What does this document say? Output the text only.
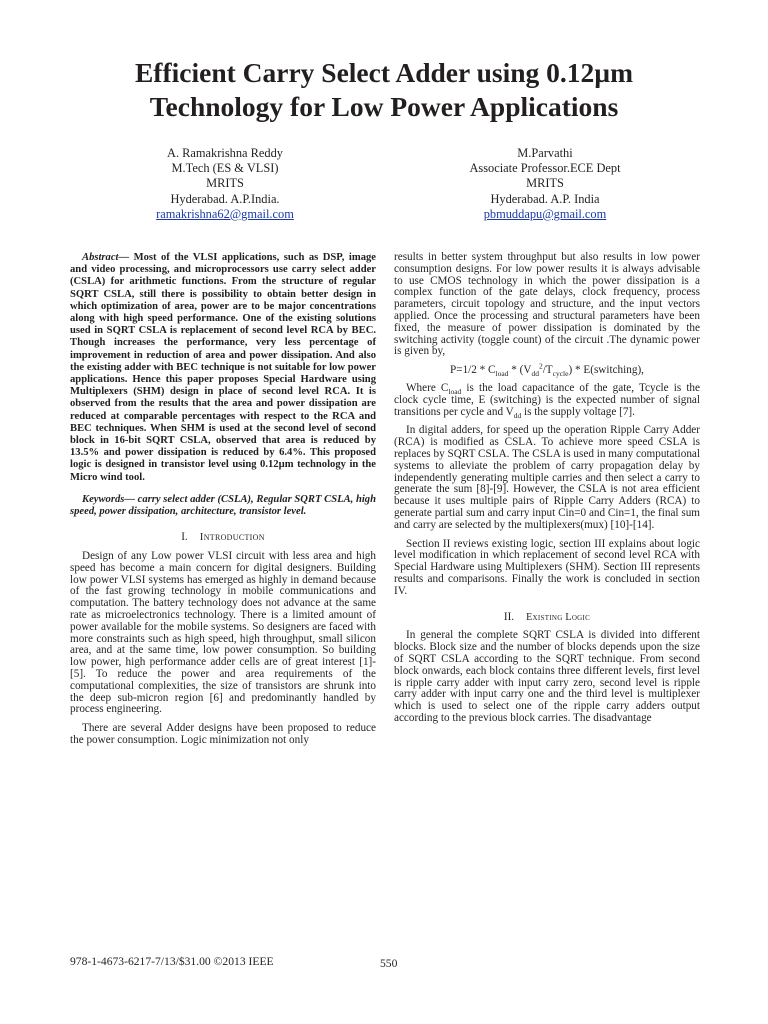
Efficient Carry Select Adder using 0.12µm
Technology for Low Power Applications
A. Ramakrishna Reddy
M.Tech (ES & VLSI)
MRITS
Hyderabad. A.P.India.
ramakrishna62@gmail.com
M.Parvathi
Associate Professor.ECE Dept
MRITS
Hyderabad. A.P. India
pbmuddapu@gmail.com

Abstract— Most of the VLSI applications, such as DSP, image and video processing, and microprocessors use carry select adder (CSLA) for arithmetic functions. From the structure of regular SQRT CSLA, still there is possibility to obtain better design in which optimization of area, power are to be major concentrations along with high speed performance. One of the existing solutions used in SQRT CSLA is replacement of second level RCA by BEC. Though increases the performance, very less percentage of improvement in reduction of area and power dissipation. And also the existing adder with BEC technique is not suitable for low power applications. Hence this paper proposes Special Hardware using Multiplexers (SHM) design in place of second level RCA. It is observed from the results that the area and power dissipation are reduced at comparable percentages with respect to the RCA and BEC techniques. When SHM is used at the second level of second block in 16-bit SQRT CSLA, observed that area is reduced by 13.5% and power dissipation is reduced by 6.4%. This proposed logic is designed in transistor level using 0.12µm technology in the Micro wind tool.

Keywords— carry select adder (CSLA), Regular SQRT CSLA, high speed, power dissipation, architecture, transistor level.

I. Introduction

Design of any Low power VLSI circuit with less area and high speed has become a main concern for digital designers. Building low power VLSI systems has emerged as highly in demand because of the fast growing technology in mobile communications and computation. The battery technology does not advance at the same rate as microelectronics technology. There is a limited amount of power available for the mobile systems. So designers are faced with more constraints such as high speed, high throughput, small silicon area, and at the same time, low power consumption. So building low power, high performance adder cells are of great interest [1]-[5]. To reduce the power and area requirements of the computational complexities, the size of transistors are shrunk into the deep sub-micron region [6] and predominantly handled by process engineering.

There are several Adder designs have been proposed to reduce the power consumption. Logic minimization not only

results in better system throughput but also results in low power consumption designs. For low power results it is always advisable to use CMOS technology in which the power dissipation is a complex function of the gate delays, clock frequency, process parameters, circuit topology and structure, and the input vectors applied. Once the processing and structural parameters have been fixed, the measure of power dissipation is dominated by the switching activity (toggle count) of the circuit .The dynamic power is given by,

$P=1/2 * C_{load} * (V_{dd}^2/T_{cycle})$ * E(switching),

Where $C_{load}$ is the load capacitance of the gate, Tcycle is the clock cycle time, E (switching) is the expected number of signal transitions per cycle and $V_{dd}$ is the supply voltage [7].

In digital adders, for speed up the operation Ripple Carry Adder (RCA) is modified as CSLA. To achieve more speed CSLA is replaces by SQRT CSLA. The CSLA is used in many computational systems to alleviate the problem of carry propagation delay by independently generating multiple carries and then select a carry to generate the sum [8]-[9]. However, the CSLA is not area efficient because it uses multiple pairs of Ripple Carry Adders (RCA) to generate partial sum and carry input Cin=0 and Cin=1, the final sum and carry are selected by the multiplexers(mux) [10]-[14].

Section II reviews existing logic, section III explains about logic level modification in which replacement of second level RCA with Special Hardware using Multiplexers (SHM). Section III represents results and comparisons. Finally the work is concluded in section IV.

II. Existing Logic

In general the complete SQRT CSLA is divided into different blocks. Block size and the number of blocks depends upon the size of SQRT CSLA according to the SQRT technique. From second block onwards, each block contains three different levels, first level is ripple carry adder with input carry zero, second level is ripple carry adder with input carry one and the third level is multiplexer which is used to select one of the ripple carry adders output according to the previous block carries. The disadvantage

978-1-4673-6217-7/13/$31.00 ©2013 IEEE	550
